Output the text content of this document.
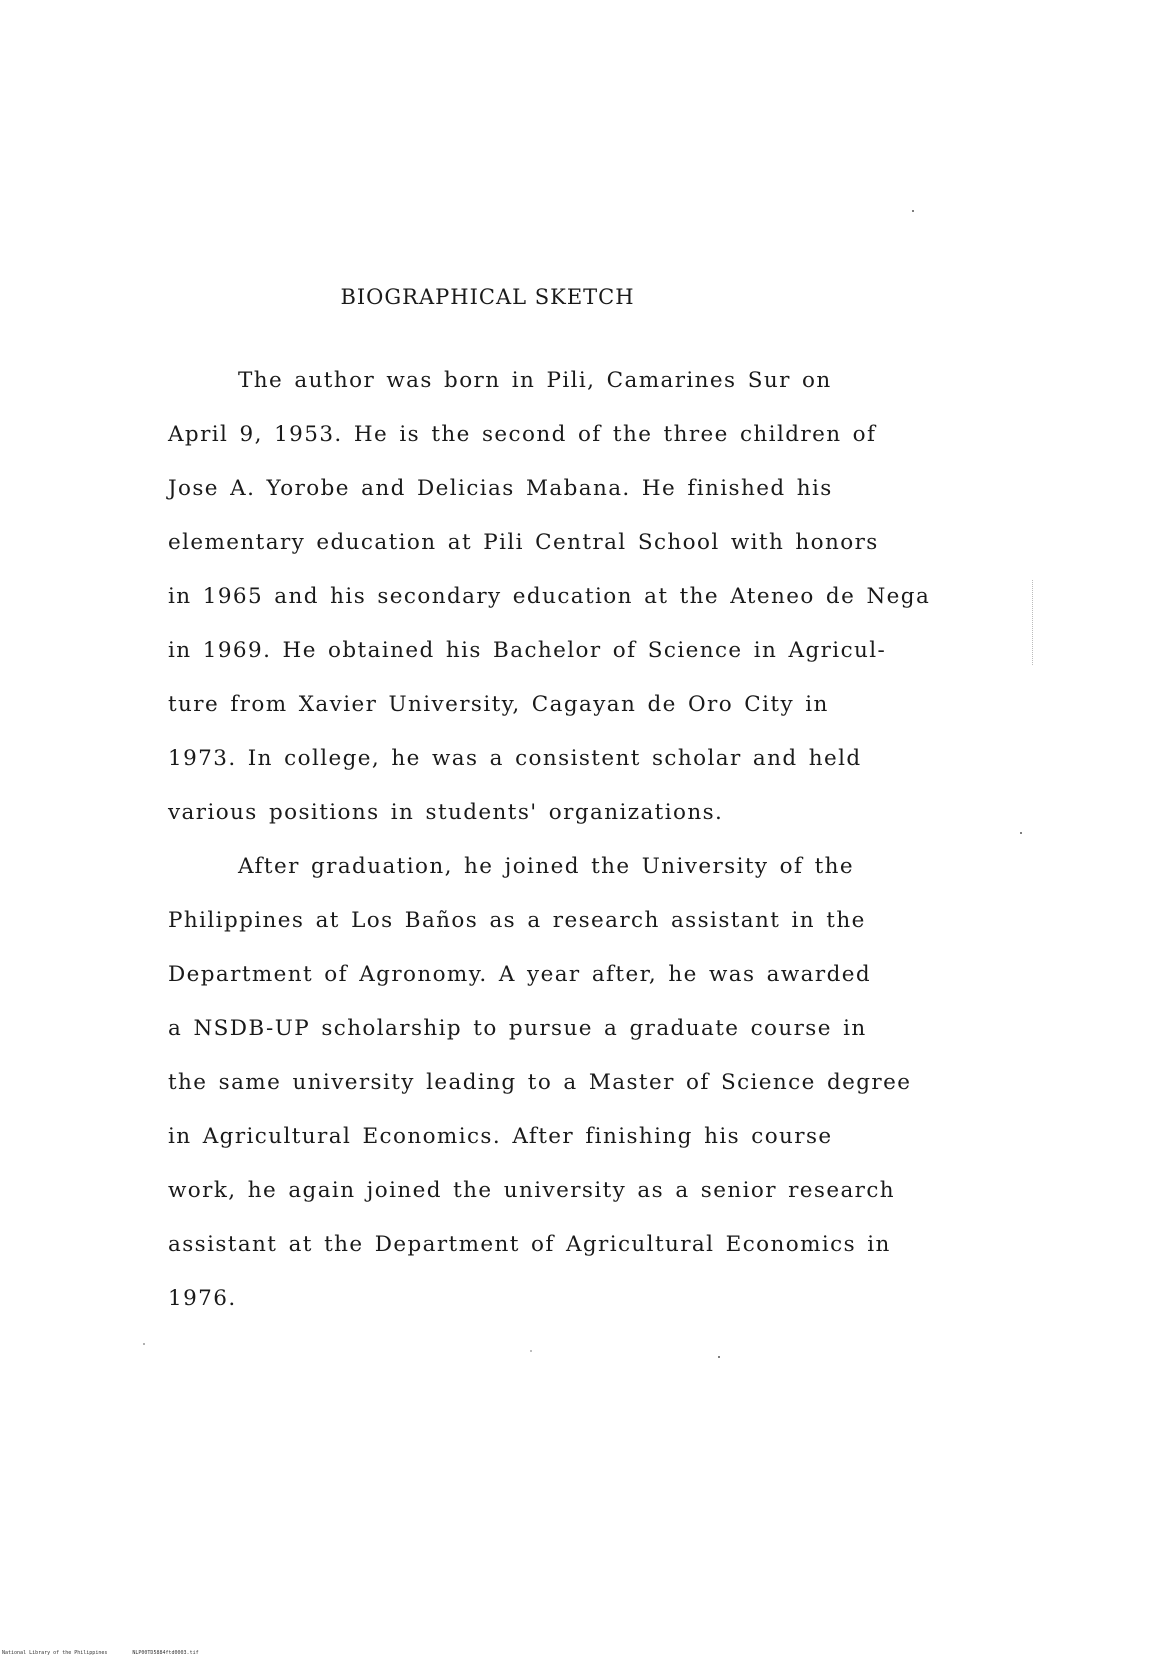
BIOGRAPHICAL SKETCH
The author was born in Pili, Camarines Sur on
April 9, 1953. He is the second of the three children of
Jose A. Yorobe and Delicias Mabana. He finished his
elementary education at Pili Central School with honors
in 1965 and his secondary education at the Ateneo de Nega
in 1969. He obtained his Bachelor of Science in Agricul-
ture from Xavier University, Cagayan de Oro City in
1973. In college, he was a consistent scholar and held
various positions in students' organizations.
After graduation, he joined the University of the
Philippines at Los Baños as a research assistant in the
Department of Agronomy. A year after, he was awarded
a NSDB-UP scholarship to pursue a graduate course in
the same university leading to a Master of Science degree
in Agricultural Economics. After finishing his course
work, he again joined the university as a senior research
assistant at the Department of Agricultural Economics in
1976.
National Library of the Philippines	NLP00TD5884ftd0003.tif
